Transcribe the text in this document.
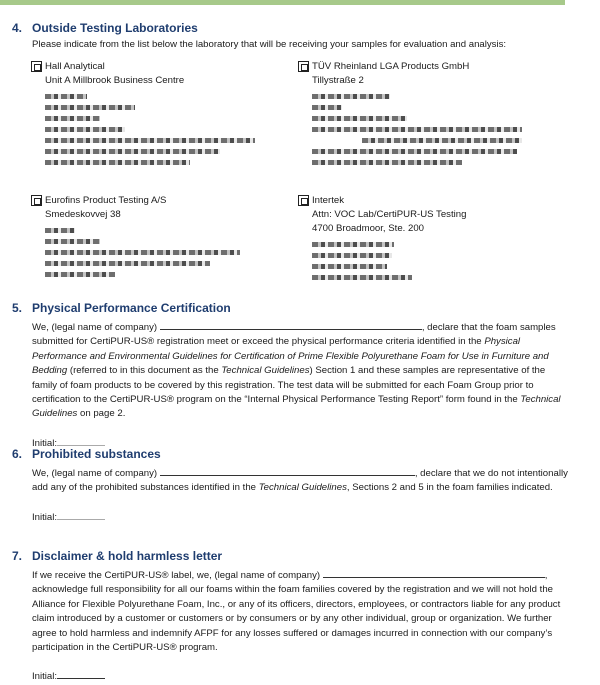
4. Outside Testing Laboratories
Please indicate from the list below the laboratory that will be receiving your samples for evaluation and analysis:
Hall Analytical
Unit A Millbrook Business Centre
TÜV Rheinland LGA Products GmbH
Tillystraße 2
Eurofins Product Testing A/S
Smedeskovvej 38
Intertek
Attn: VOC Lab/CertiPUR-US Testing
4700 Broadmoor, Ste. 200
5. Physical Performance Certification

We, (legal name of company)	, declare that the foam samples submitted for CertiPUR-US® registration meet or exceed the physical performance criteria identified in the Physical Performance and Environmental Guidelines for Certification of Prime Flexible Polyurethane Foam for Use in Furniture and Bedding (referred to in this document as the Technical Guidelines) Section 1 and these samples are representative of the family of foam products to be covered by this registration. The test data will be submitted for each Foam Group prior to certification to the CertiPUR-US® program on the “Internal Physical Performance Testing Report” form found in the Technical Guidelines on page 2.

Initial:
6. Prohibited substances

We, (legal name of company)	, declare that we do not intentionally add any of the prohibited substances identified in the Technical Guidelines, Sections 2 and 5 in the foam families indicated.

Initial:
7. Disclaimer & hold harmless letter

If we receive the CertiPUR-US® label, we, (legal name of company)	, acknowledge full responsibility for all our foams within the foam families covered by the registration and we will not hold the Alliance for Flexible Polyurethane Foam, Inc., or any of its officers, directors, employees, or contractors liable for any product claim introduced by a customer or customers or by consumers or by any other individual, group or organization. We further agree to hold harmless and indemnify AFPF for any losses suffered or damages incurred in connection with our company’s participation in the CertiPUR-US® program.

Initial:
